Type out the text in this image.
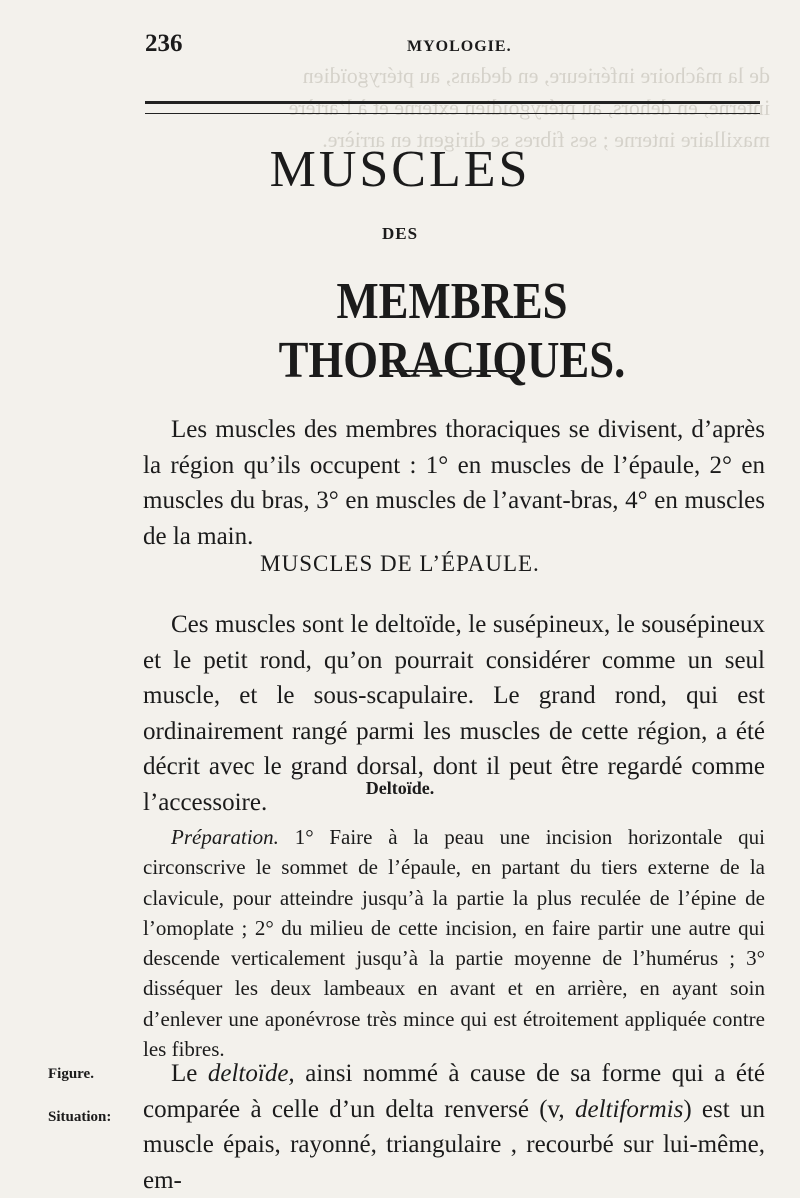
de la mâchoire inférieure, en dedans, au ptérygoïdien
interne, en dehors, au ptérygoïdien externe et à l’artère
maxillaire interne ; ses fibres se dirigent en arrière.
236	MYOLOGIE.
MUSCLES
DES
MEMBRES THORACIQUES.

Les muscles des membres thoraciques se divisent, d’après la région qu’ils occupent : 1° en muscles de l’épaule, 2° en muscles du bras, 3° en muscles de l’avant-bras, 4° en muscles de la main.

MUSCLES DE L’ÉPAULE.

Ces muscles sont le deltoïde, le susépineux, le sousépineux et le petit rond, qu’on pourrait considérer comme un seul muscle, et le sous-scapulaire. Le grand rond, qui est ordinairement rangé parmi les muscles de cette région, a été décrit avec le grand dorsal, dont il peut être regardé comme l’accessoire.

Deltoïde.

Préparation. 1° Faire à la peau une incision horizontale qui circonscrive le sommet de l’épaule, en partant du tiers externe de la clavicule, pour atteindre jusqu’à la partie la plus reculée de l’épine de l’omoplate ; 2° du milieu de cette incision, en faire partir une autre qui descende verticalement jusqu’à la partie moyenne de l’humérus ; 3° disséquer les deux lambeaux en avant et en arrière, en ayant soin d’enlever une aponévrose très mince qui est étroitement appliquée contre les fibres.

Le deltoïde, ainsi nommé à cause de sa forme qui a été comparée à celle d’un delta renversé (v, deltiformis) est un muscle épais, rayonné, triangulaire , recourbé sur lui-même, em-

Figure.
Situation:
